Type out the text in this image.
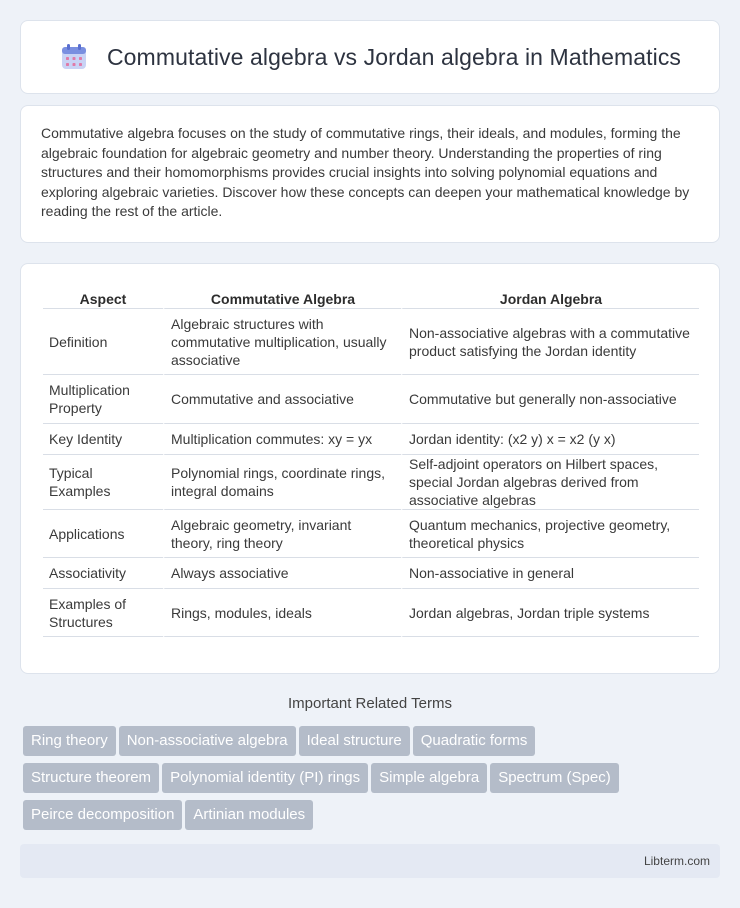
Commutative algebra vs Jordan algebra in Mathematics

Commutative algebra focuses on the study of commutative rings, their ideals, and modules, forming the algebraic foundation for algebraic geometry and number theory. Understanding the properties of ring structures and their homomorphisms provides crucial insights into solving polynomial equations and exploring algebraic varieties. Discover how these concepts can deepen your mathematical knowledge by reading the rest of the article.

Aspect	Commutative Algebra	Jordan Algebra
Definition	Algebraic structures with commutative multiplication, usually associative	Non-associative algebras with a commutative product satisfying the Jordan identity
Multiplication Property	Commutative and associative	Commutative but generally non-associative
Key Identity	Multiplication commutes: xy = yx	Jordan identity: (x2 y) x = x2 (y x)
Typical Examples	Polynomial rings, coordinate rings, integral domains	Self-adjoint operators on Hilbert spaces, special Jordan algebras derived from associative algebras
Applications	Algebraic geometry, invariant theory, ring theory	Quantum mechanics, projective geometry, theoretical physics
Associativity	Always associative	Non-associative in general
Examples of Structures	Rings, modules, ideals	Jordan algebras, Jordan triple systems
Important Related Terms
Ring theory Non-associative algebra Ideal structure Quadratic forms
Structure theorem Polynomial identity (PI) rings Simple algebra Spectrum (Spec)
Peirce decomposition Artinian modules
Libterm.com
